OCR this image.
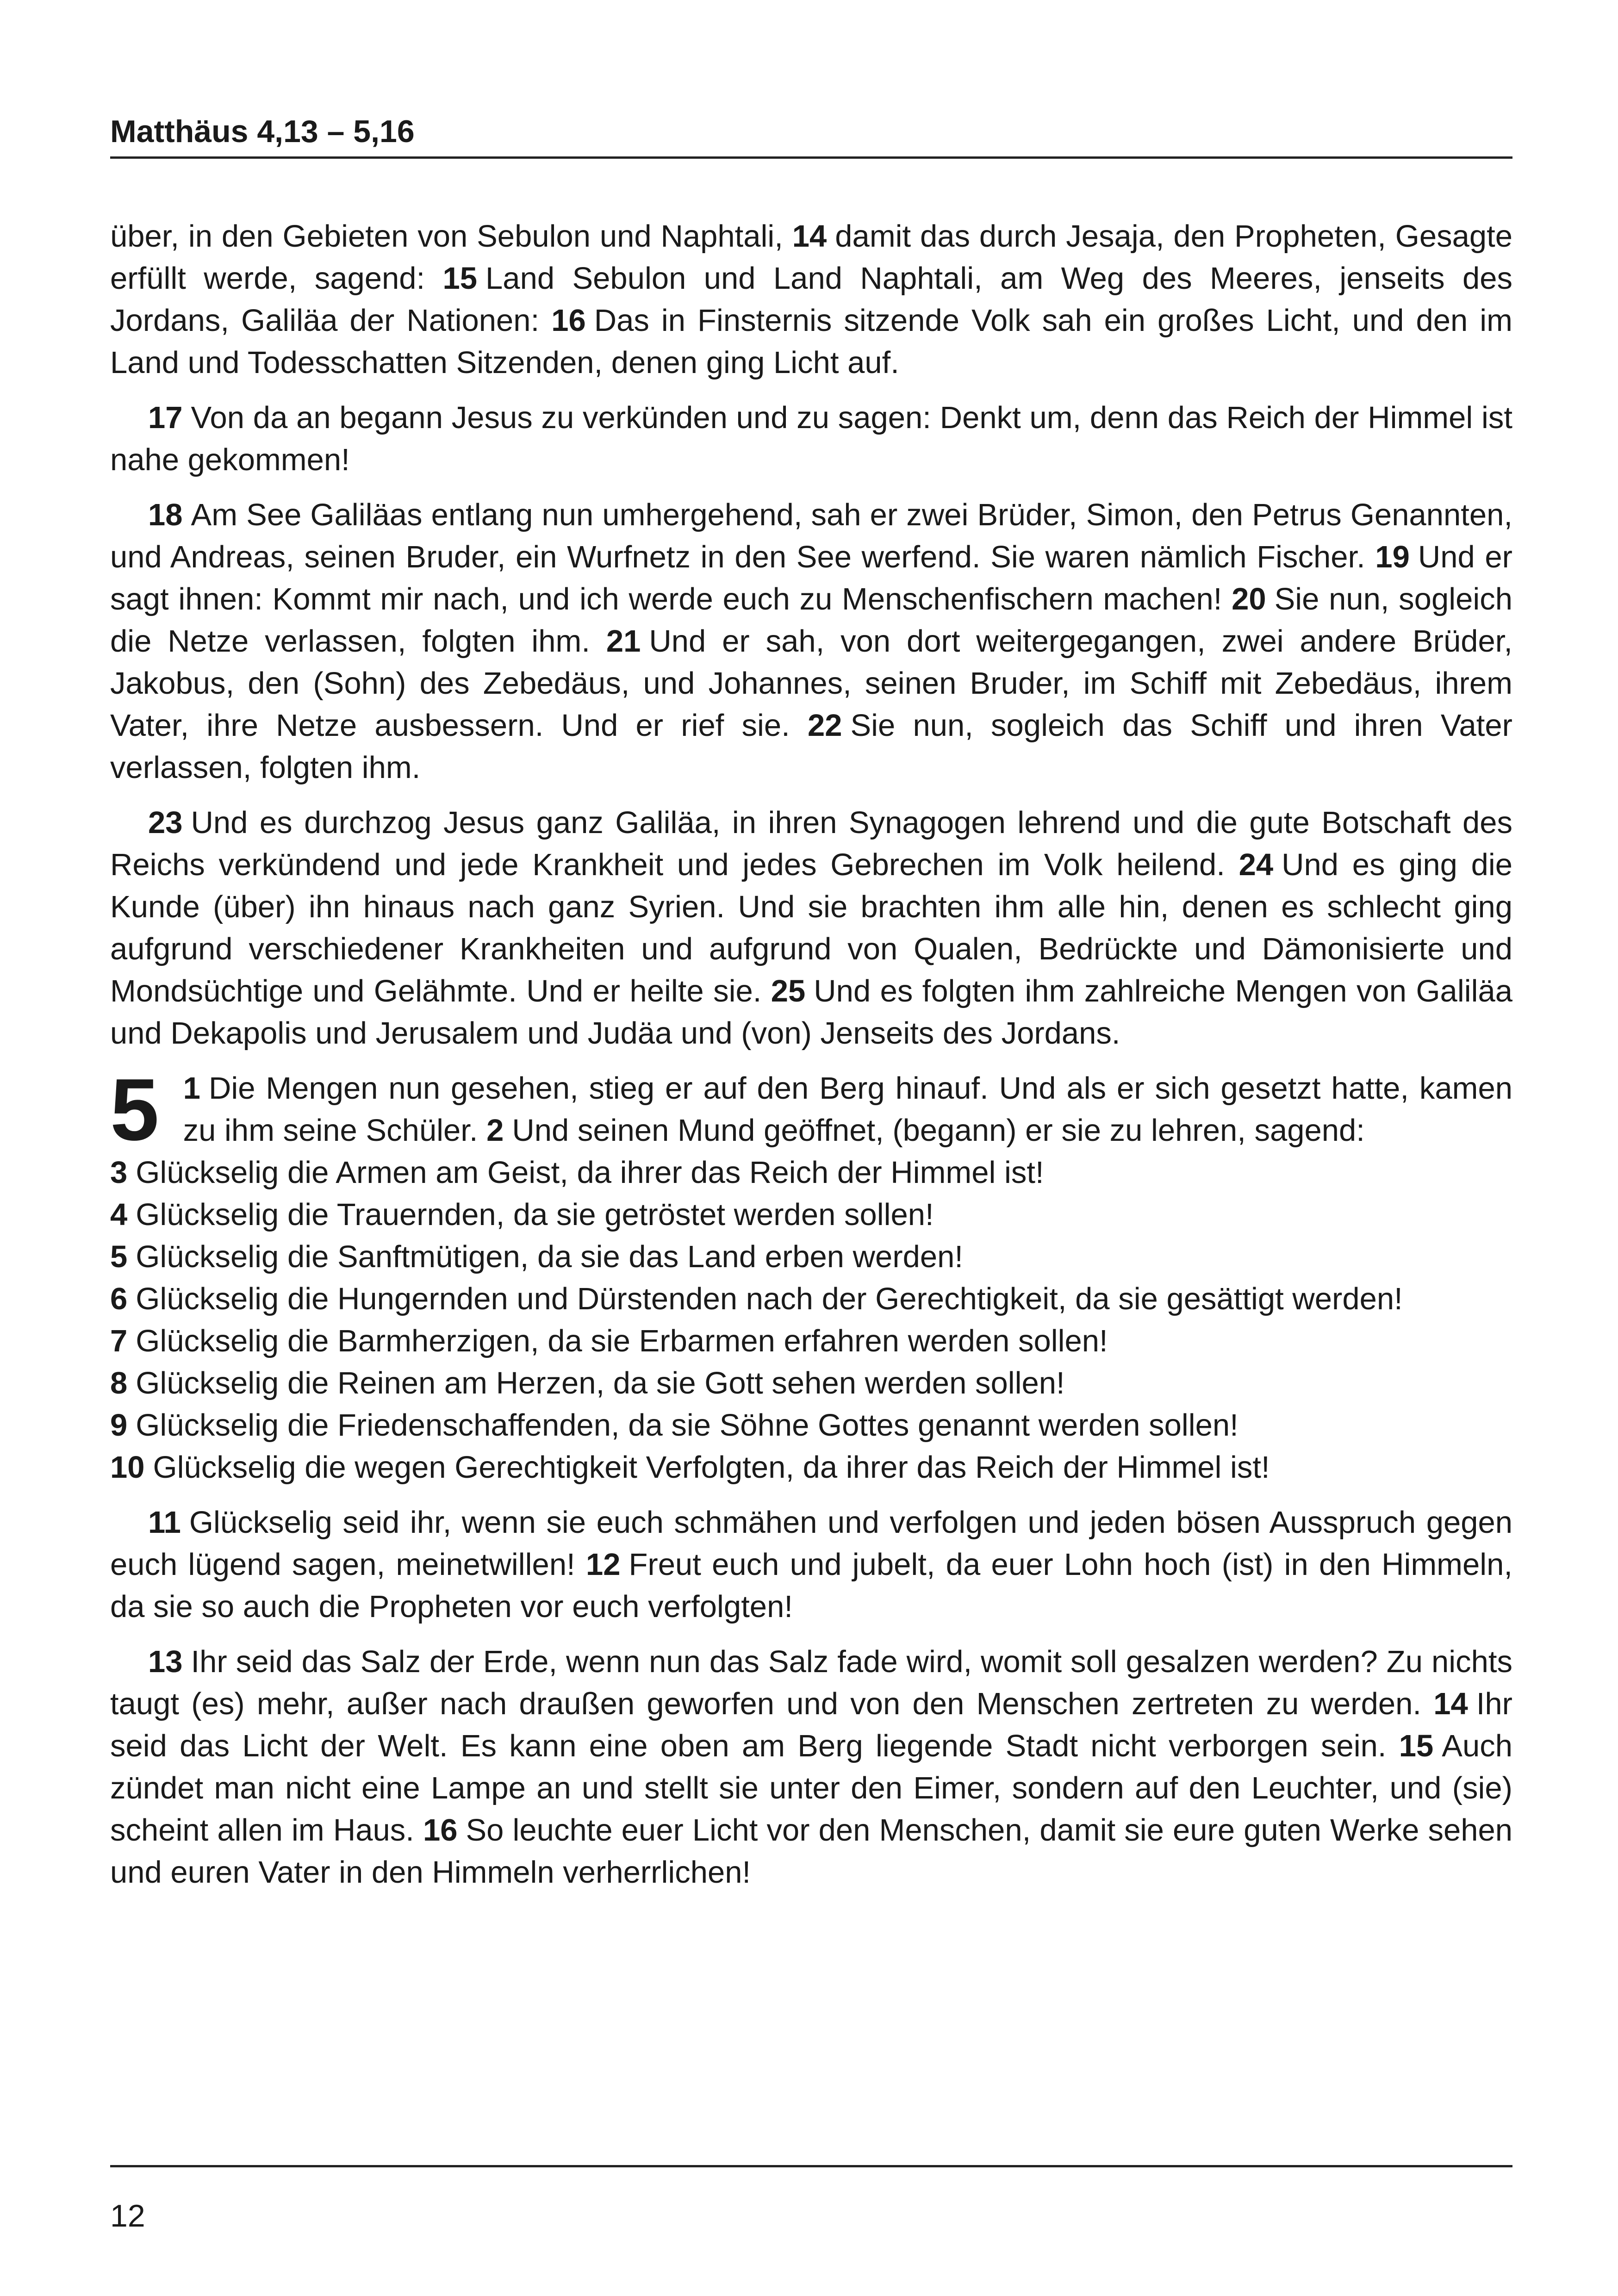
Matthäus 4,13 – 5,16
über, in den Gebieten von Sebulon und Naphtali, 14 damit das durch Jesaja, den Propheten, Gesagte erfüllt werde, sagend: 15 Land Sebulon und Land Naphtali, am Weg des Meeres, jenseits des Jordans, Galiläa der Nationen: 16 Das in Finsternis sitzende Volk sah ein großes Licht, und den im Land und Todesschatten Sitzenden, denen ging Licht auf.
17 Von da an begann Jesus zu verkünden und zu sagen: Denkt um, denn das Reich der Himmel ist nahe gekommen!
18 Am See Galiläas entlang nun umhergehend, sah er zwei Brüder, Simon, den Petrus Genannten, und Andreas, seinen Bruder, ein Wurfnetz in den See werfend. Sie waren nämlich Fischer. 19 Und er sagt ihnen: Kommt mir nach, und ich werde euch zu Menschenfischern machen! 20 Sie nun, sogleich die Netze verlassen, folgten ihm. 21 Und er sah, von dort weitergegangen, zwei andere Brüder, Jakobus, den (Sohn) des Zebedäus, und Johannes, seinen Bruder, im Schiff mit Zebedäus, ihrem Vater, ihre Netze ausbessern. Und er rief sie. 22 Sie nun, sogleich das Schiff und ihren Vater verlassen, folgten ihm.
23 Und es durchzog Jesus ganz Galiläa, in ihren Synagogen lehrend und die gute Botschaft des Reichs verkündend und jede Krankheit und jedes Gebrechen im Volk heilend. 24 Und es ging die Kunde (über) ihn hinaus nach ganz Syrien. Und sie brachten ihm alle hin, denen es schlecht ging aufgrund verschiedener Krankheiten und aufgrund von Qualen, Bedrückte und Dämonisierte und Mondsüchtige und Gelähmte. Und er heilte sie. 25 Und es folgten ihm zahlreiche Mengen von Galiläa und Dekapolis und Jerusalem und Judäa und (von) Jenseits des Jordans.
5 1 Die Mengen nun gesehen, stieg er auf den Berg hinauf. Und als er sich gesetzt hatte, kamen zu ihm seine Schüler. 2 Und seinen Mund geöffnet, (begann) er sie zu lehren, sagend:
3 Glückselig die Armen am Geist, da ihrer das Reich der Himmel ist!
4 Glückselig die Trauernden, da sie getröstet werden sollen!
5 Glückselig die Sanftmütigen, da sie das Land erben werden!
6 Glückselig die Hungernden und Dürstenden nach der Gerechtigkeit, da sie gesättigt werden!
7 Glückselig die Barmherzigen, da sie Erbarmen erfahren werden sollen!
8 Glückselig die Reinen am Herzen, da sie Gott sehen werden sollen!
9 Glückselig die Friedenschaffenden, da sie Söhne Gottes genannt werden sollen!
10 Glückselig die wegen Gerechtigkeit Verfolgten, da ihrer das Reich der Himmel ist!
11 Glückselig seid ihr, wenn sie euch schmähen und verfolgen und jeden bösen Ausspruch gegen euch lügend sagen, meinetwillen! 12 Freut euch und jubelt, da euer Lohn hoch (ist) in den Himmeln, da sie so auch die Propheten vor euch verfolgten!
13 Ihr seid das Salz der Erde, wenn nun das Salz fade wird, womit soll gesalzen werden? Zu nichts taugt (es) mehr, außer nach draußen geworfen und von den Menschen zertreten zu werden. 14 Ihr seid das Licht der Welt. Es kann eine oben am Berg liegende Stadt nicht verborgen sein. 15 Auch zündet man nicht eine Lampe an und stellt sie unter den Eimer, sondern auf den Leuchter, und (sie) scheint allen im Haus. 16 So leuchte euer Licht vor den Menschen, damit sie eure guten Werke sehen und euren Vater in den Himmeln verherrlichen!
12
